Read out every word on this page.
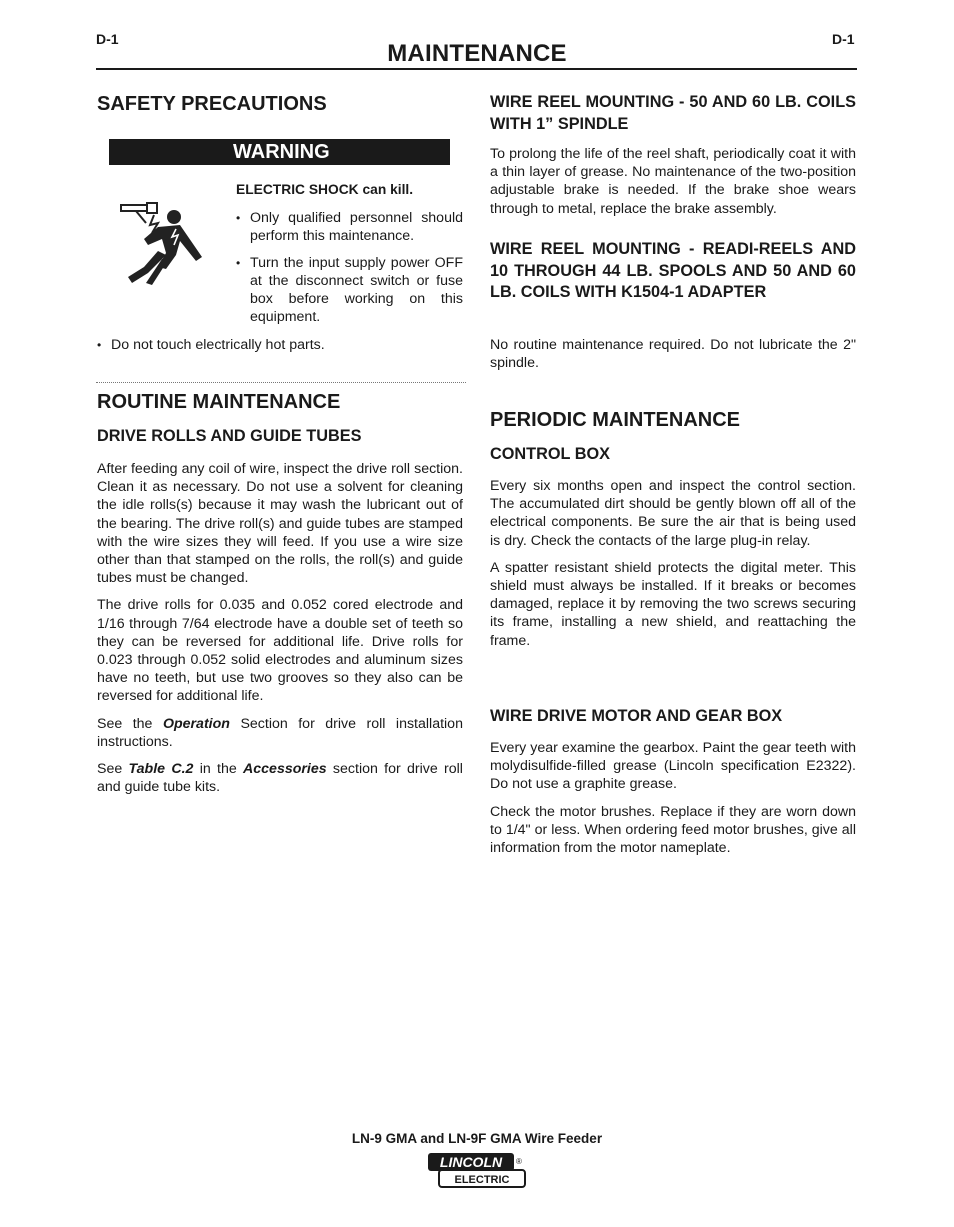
D-1	D-1
MAINTENANCE
SAFETY PRECAUTIONS
WARNING
ELECTRIC SHOCK can kill.
• Only qualified personnel should perform this maintenance.
• Turn the input supply power OFF at the disconnect switch or fuse box before working on this equipment.
• Do not touch electrically hot parts.
ROUTINE MAINTENANCE
DRIVE ROLLS AND GUIDE TUBES

After feeding any coil of wire, inspect the drive roll section. Clean it as necessary. Do not use a solvent for cleaning the idle rolls(s) because it may wash the lubricant out of the bearing. The drive roll(s) and guide tubes are stamped with the wire sizes they will feed. If you use a wire size other than that stamped on the rolls, the roll(s) and guide tubes must be changed.

The drive rolls for 0.035 and 0.052 cored electrode and 1/16 through 7/64 electrode have a double set of teeth so they can be reversed for additional life. Drive rolls for 0.023 through 0.052 solid electrodes and aluminum sizes have no teeth, but use two grooves so they also can be reversed for additional life.

See the Operation Section for drive roll installation instructions.

See Table C.2 in the Accessories section for drive roll and guide tube kits.

WIRE REEL MOUNTING - 50 AND 60 LB. COILS WITH 1” SPINDLE

To prolong the life of the reel shaft, periodically coat it with a thin layer of grease. No maintenance of the two-position adjustable brake is needed. If the brake shoe wears through to metal, replace the brake assembly.

WIRE REEL MOUNTING - READI-REELS AND 10 THROUGH 44 LB. SPOOLS AND 50 AND 60 LB. COILS WITH K1504-1 ADAPTER

No routine maintenance required. Do not lubricate the 2" spindle.

PERIODIC MAINTENANCE
CONTROL BOX

Every six months open and inspect the control section. The accumulated dirt should be gently blown off all of the electrical components. Be sure the air that is being used is dry. Check the contacts of the large plug-in relay.

A spatter resistant shield protects the digital meter. This shield must always be installed. If it breaks or becomes damaged, replace it by removing the two screws securing its frame, installing a new shield, and reattaching the frame.

WIRE DRIVE MOTOR AND GEAR BOX

Every year examine the gearbox. Paint the gear teeth with molydisulfide-filled grease (Lincoln specification E2322). Do not use a graphite grease.

Check the motor brushes. Replace if they are worn down to 1/4" or less. When ordering feed motor brushes, give all information from the motor nameplate.

LN-9 GMA and LN-9F GMA Wire Feeder
LINCOLN ®
ELECTRIC
